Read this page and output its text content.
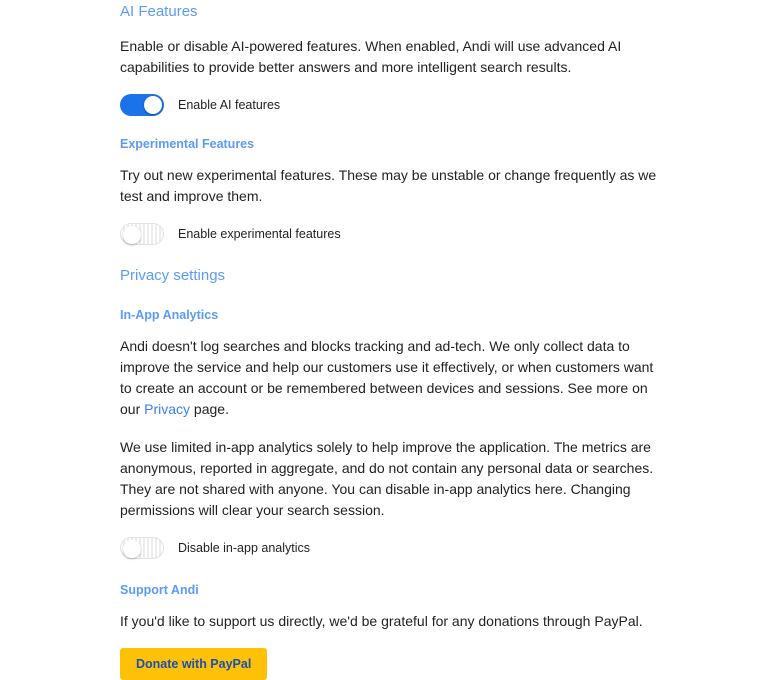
AI Features
Enable or disable AI-powered features. When enabled, Andi will use advanced AI capabilities to provide better answers and more intelligent search results.
Enable AI features
Experimental Features
Try out new experimental features. These may be unstable or change frequently as we test and improve them.
Enable experimental features
Privacy settings
In-App Analytics
Andi doesn't log searches and blocks tracking and ad-tech. We only collect data to improve the service and help our customers use it effectively, or when customers want to create an account or be remembered between devices and sessions. See more on our Privacy page.
We use limited in-app analytics solely to help improve the application. The metrics are anonymous, reported in aggregate, and do not contain any personal data or searches. They are not shared with anyone. You can disable in-app analytics here. Changing permissions will clear your search session.
Disable in-app analytics
Support Andi
If you'd like to support us directly, we'd be grateful for any donations through PayPal.
Donate with PayPal
